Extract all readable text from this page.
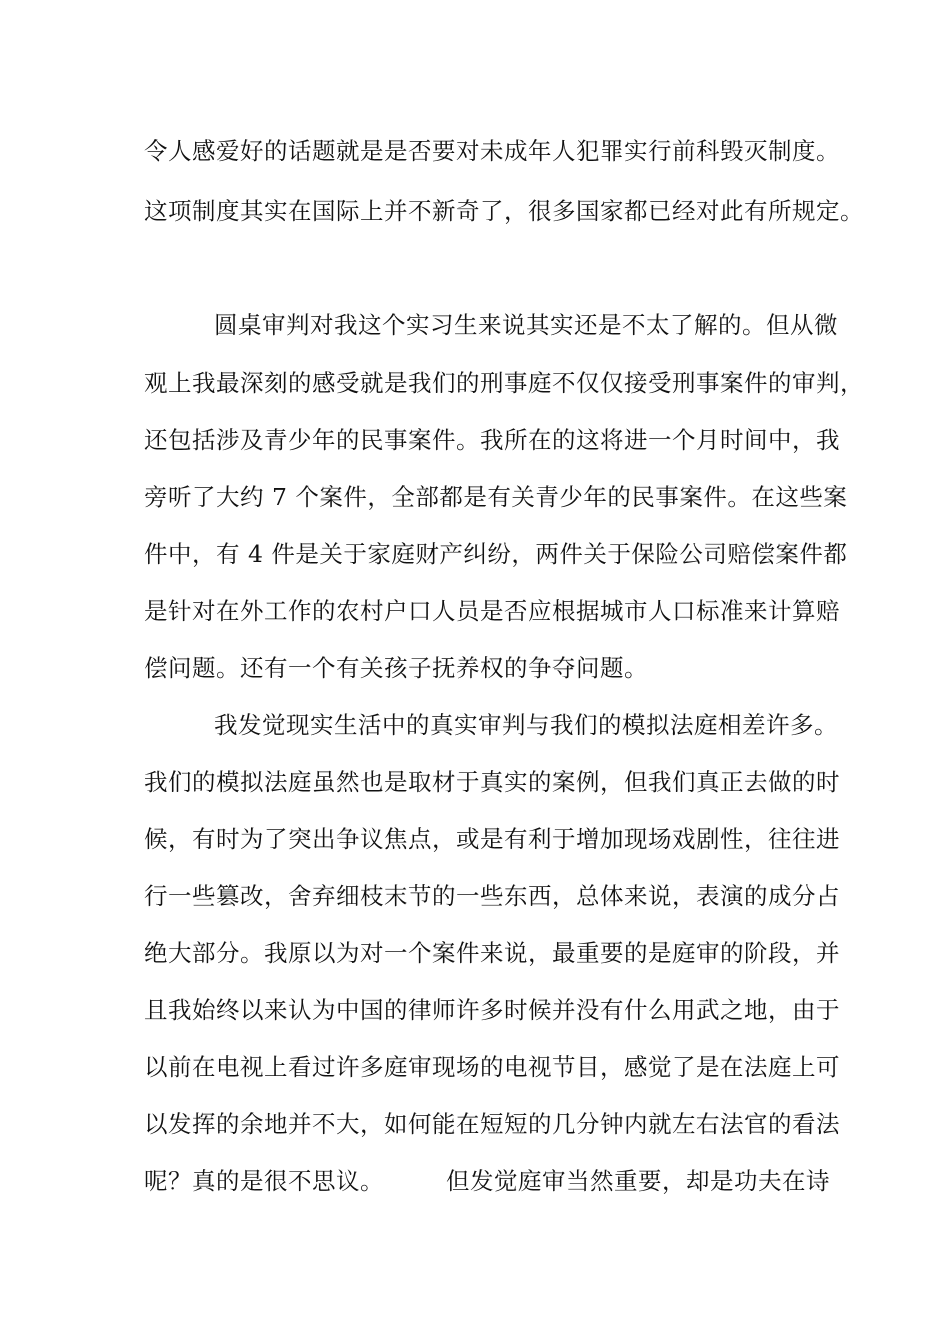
令人感爱好的话题就是是否要对未成年人犯罪实行前科毁灭制度。
这项制度其实在国际上并不新奇了，很多国家都已经对此有所规定。
圆桌审判对我这个实习生来说其实还是不太了解的。但从微
观上我最深刻的感受就是我们的刑事庭不仅仅接受刑事案件的审判，
还包括涉及青少年的民事案件。我所在的这将进一个月时间中，我
旁听了大约 7 个案件，全部都是有关青少年的民事案件。在这些案
件中，有 4 件是关于家庭财产纠纷，两件关于保险公司赔偿案件都
是针对在外工作的农村户口人员是否应根据城市人口标准来计算赔
偿问题。还有一个有关孩子抚养权的争夺问题。
我发觉现实生活中的真实审判与我们的模拟法庭相差许多。
我们的模拟法庭虽然也是取材于真实的案例，但我们真正去做的时
候，有时为了突出争议焦点，或是有利于增加现场戏剧性，往往进
行一些篡改，舍弃细枝末节的一些东西，总体来说，表演的成分占
绝大部分。我原以为对一个案件来说，最重要的是庭审的阶段，并
且我始终以来认为中国的律师许多时候并没有什么用武之地，由于
以前在电视上看过许多庭审现场的电视节目，感觉了是在法庭上可
以发挥的余地并不大，如何能在短短的几分钟内就左右法官的看法
呢？真的是很不思议。	但发觉庭审当然重要，却是功夫在诗
